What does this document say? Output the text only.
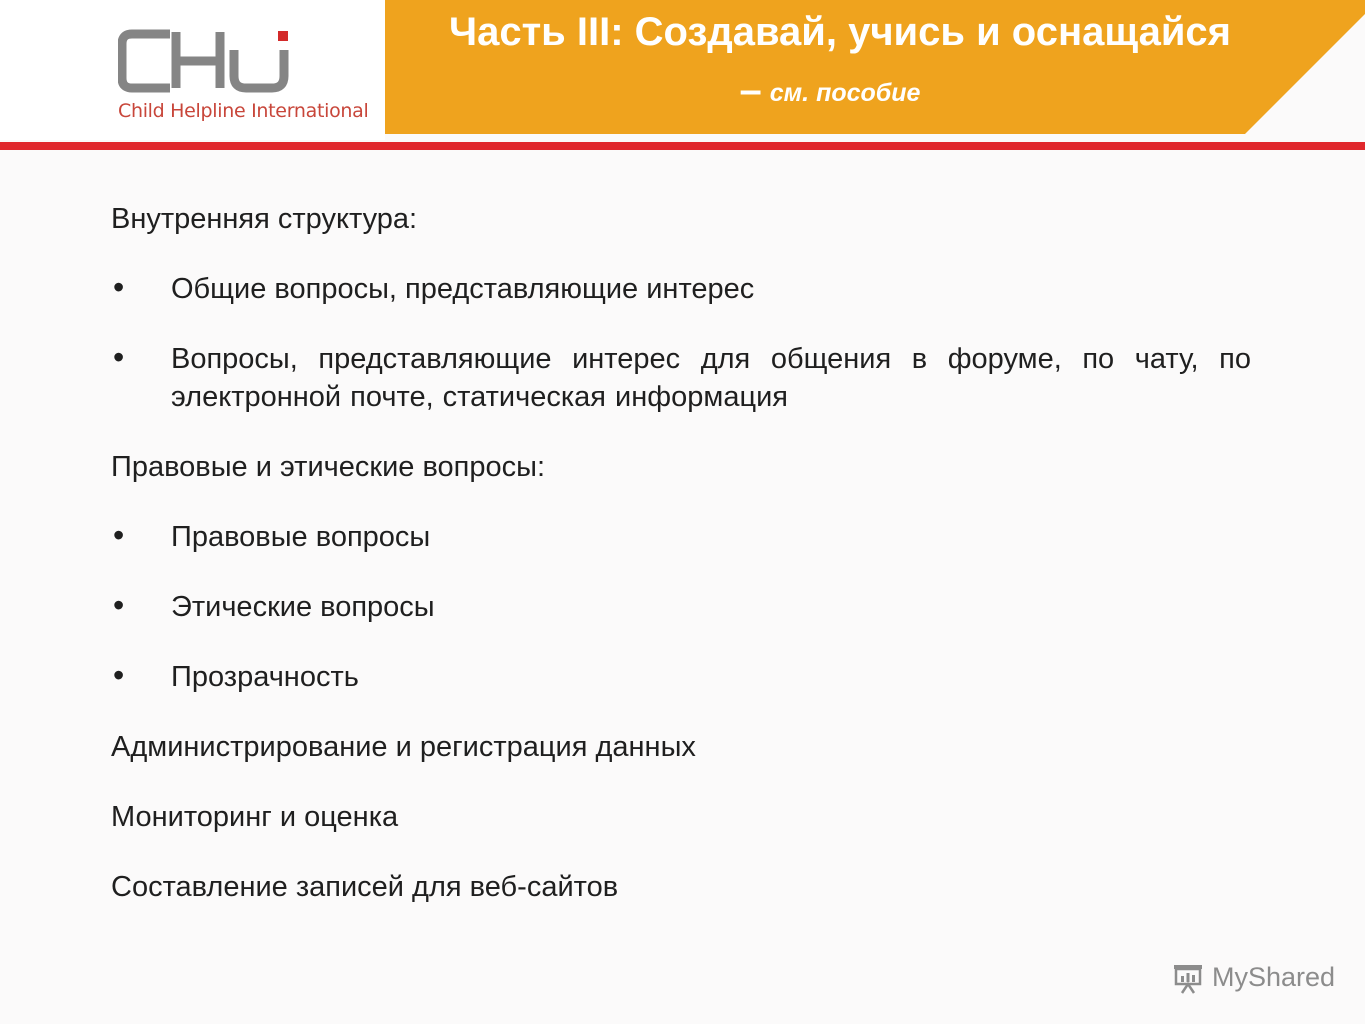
Child Helpline International
Часть III: Создавай, учись и оснащайся
– см. пособие
Внутренняя структура:
• Общие вопросы, представляющие интерес
• Вопросы, представляющие интерес для общения в форуме, по чату, по электронной почте, статическая информация
Правовые и этические вопросы:
• Правовые вопросы
• Этические вопросы
• Прозрачность
Администрирование и регистрация данных
Мониторинг и оценка
Составление записей для веб-сайтов
MyShared
